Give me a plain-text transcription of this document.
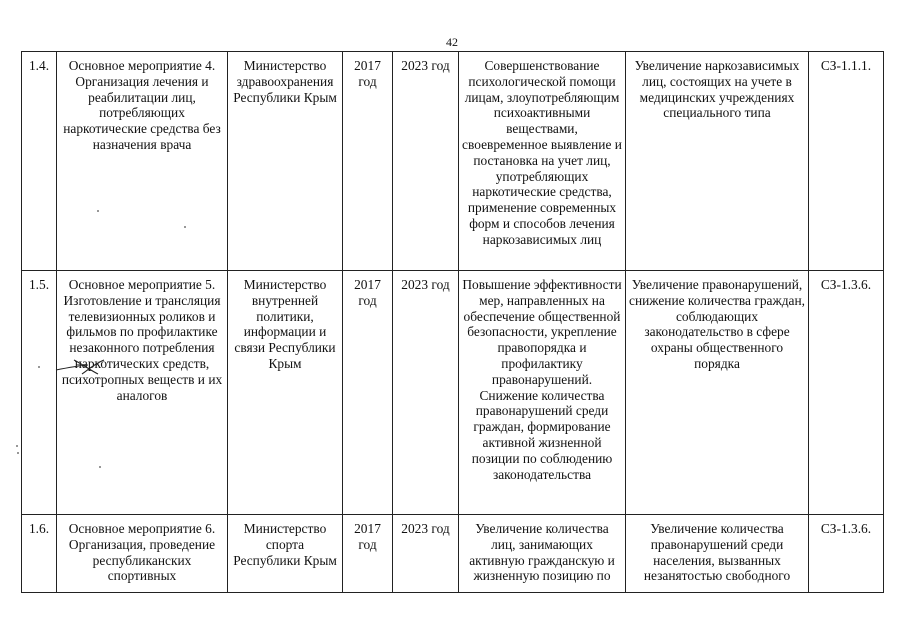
42
1.4.	Основное мероприятие 4. Организация лечения и реабилитации лиц, потребляющих наркотические средства без назначения врача	Министерство здравоохранения Республики Крым	2017 год	2023 год	Совершенствование психологической помощи лицам, злоупотребляющим психоактивными веществами, своевременное выявление и постановка на учет лиц, употребляющих наркотические средства, применение современных форм и способов лечения наркозависимых лиц	Увеличение наркозависимых лиц, состоящих на учете в медицинских учреждениях специального типа	СЗ-1.1.1.
1.5.	Основное мероприятие 5. Изготовление и трансляция телевизионных роликов и фильмов по профилактике незаконного потребления наркотических средств, психотропных веществ и их аналогов	Министерство внутренней политики, информации и связи Республики Крым	2017 год	2023 год	Повышение эффективности мер, направленных на обеспечение общественной безопасности, укрепление правопорядка и профилактику правонарушений. Снижение количества правонарушений среди граждан, формирование активной жизненной позиции по соблюдению законодательства	Увеличение правонарушений, снижение количества граждан, соблюдающих законодательство в сфере охраны общественного порядка	СЗ-1.3.6.
1.6.	Основное мероприятие 6. Организация, проведение республиканских спортивных	Министерство спорта Республики Крым	2017 год	2023 год	Увеличение количества лиц, занимающих активную гражданскую и жизненную позицию по	Увеличение количества правонарушений среди населения, вызванных незанятостью свободного	СЗ-1.3.6.
